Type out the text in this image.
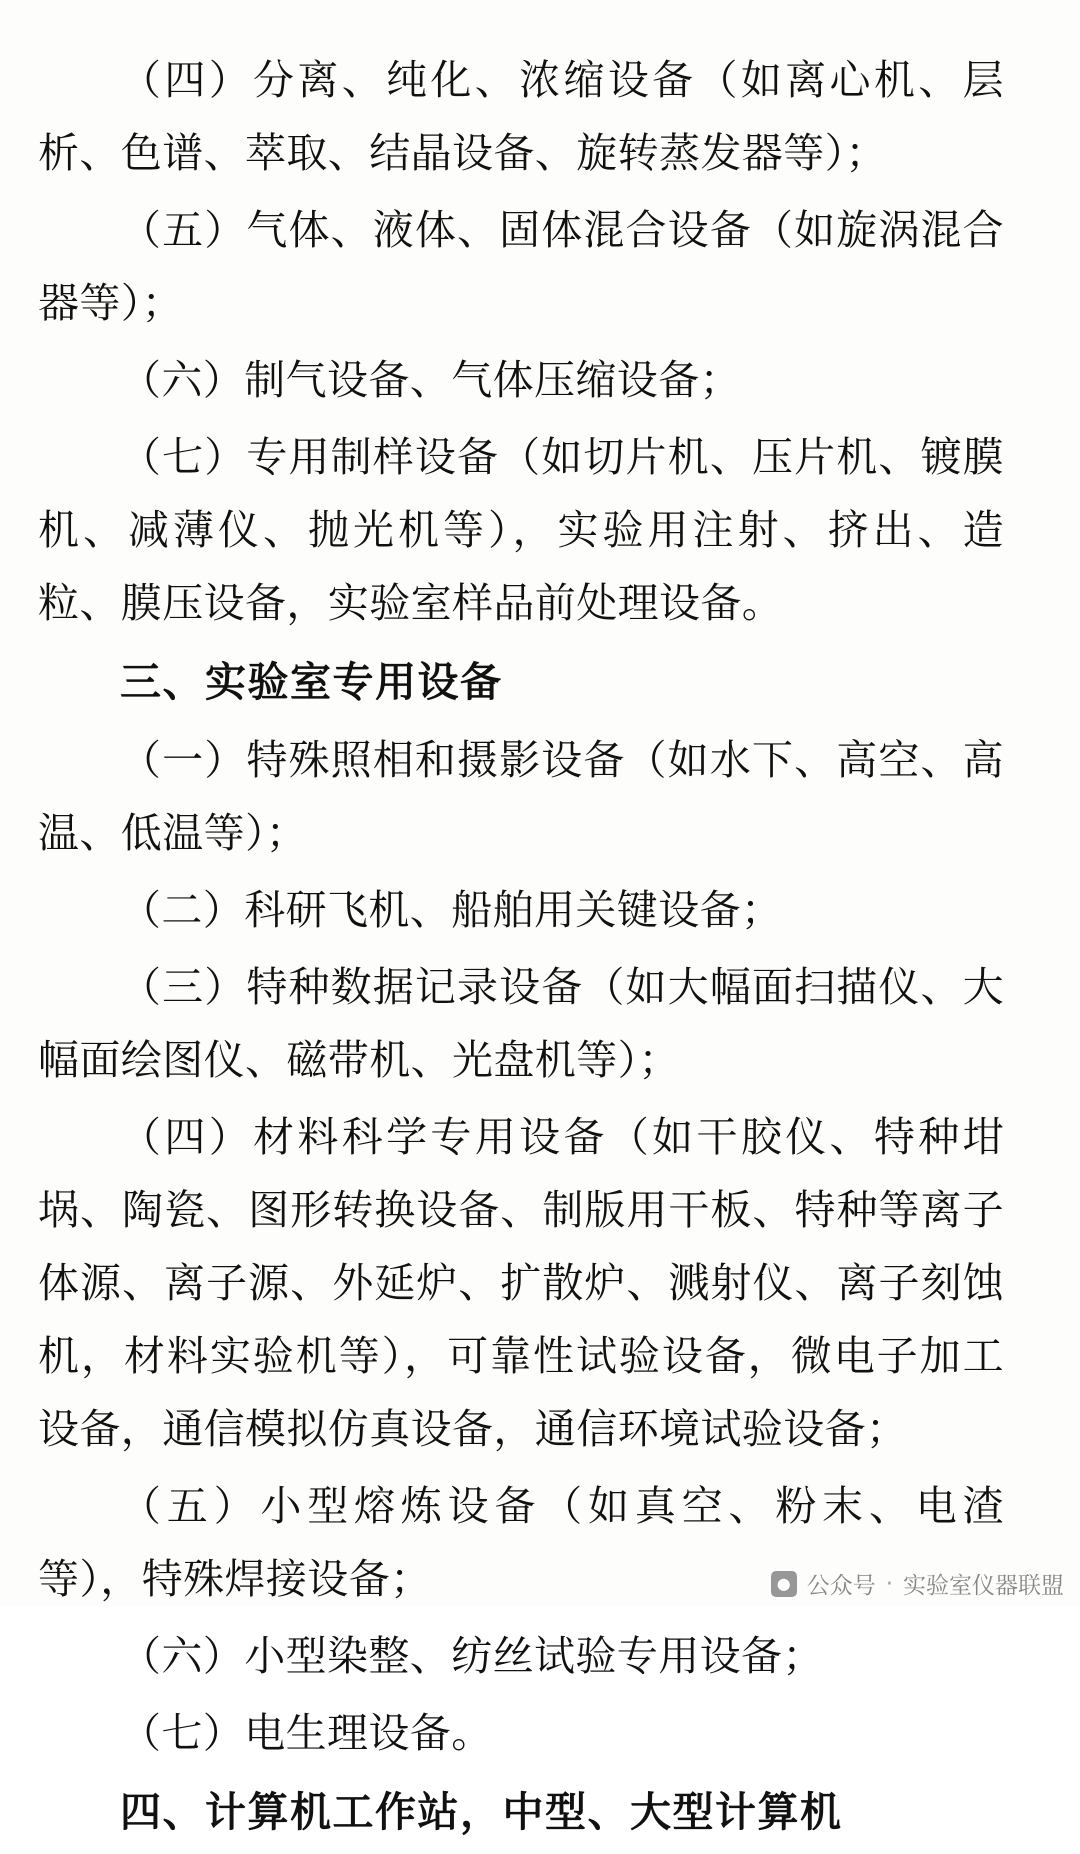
（四）分离、纯化、浓缩设备（如离心机、层析、色谱、萃取、结晶设备、旋转蒸发器等）；

（五）气体、液体、固体混合设备（如旋涡混合器等）；

（六）制气设备、气体压缩设备；

（七）专用制样设备（如切片机、压片机、镀膜机、减薄仪、抛光机等），实验用注射、挤出、造粒、膜压设备，实验室样品前处理设备。

三、实验室专用设备

（一）特殊照相和摄影设备（如水下、高空、高温、低温等）；

（二）科研飞机、船舶用关键设备；

（三）特种数据记录设备（如大幅面扫描仪、大幅面绘图仪、磁带机、光盘机等）；

（四）材料科学专用设备（如干胶仪、特种坩埚、陶瓷、图形转换设备、制版用干板、特种等离子体源、离子源、外延炉、扩散炉、溅射仪、离子刻蚀机，材料实验机等），可靠性试验设备，微电子加工设备，通信模拟仿真设备，通信环境试验设备；

（五）小型熔炼设备（如真空、粉末、电渣等），特殊焊接设备；

（六）小型染整、纺丝试验专用设备；

（七）电生理设备。

四、计算机工作站，中型、大型计算机
● 公众号 · 实验室仪器联盟
